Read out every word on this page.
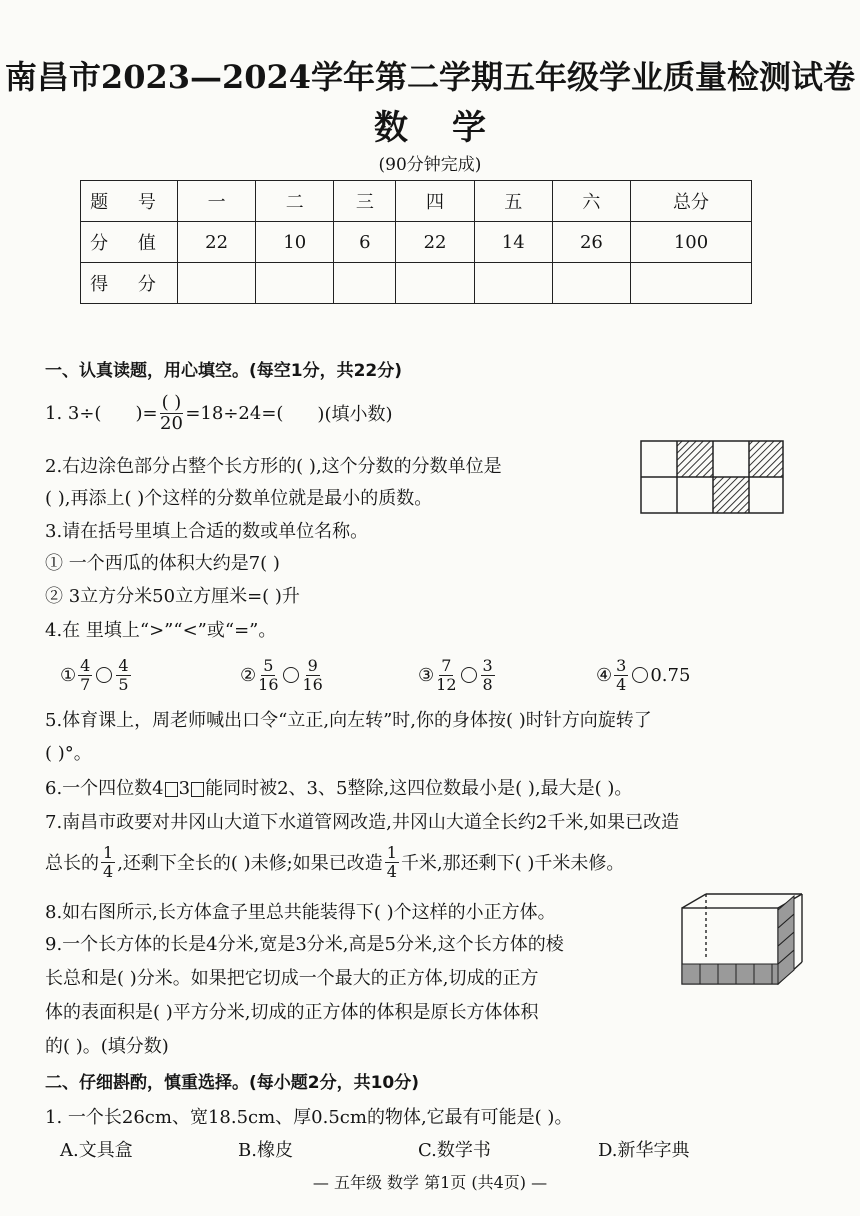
南昌市2023—2024学年第二学期五年级学业质量检测试卷
数 学
(90分钟完成)
题 号	一	二	三	四	五	六	总分
分 值	22	10	6	22	14	26	100
得 分							
一、认真读题，用心填空。(每空1分，共22分)
1. 3÷( )= $\frac{( )}{20} =18\div 24=$( )(填小数)
2.右边涂色部分占整个长方形的( ),这个分数的分数单位是
( ),再添上( )个这样的分数单位就是最小的质数。
3.请在括号里填上合适的数或单位名称。
① 一个西瓜的体积大约是7( )
② 3立方分米50立方厘米=( )升
4.在 里填上“>”“<”或“=”。
① $\frac{4}{7} \frac{4}{5}$	② $\frac{5}{16} \frac{9}{16}$	③ $\frac{7}{12} \frac{3}{8}$	④ $\frac{3}{4} 0.75$
5.体育课上，周老师喊出口令“立正,向左转”时,你的身体按( )时针方向旋转了
( )°。
6.一个四位数4 3 能同时被2、3、5整除,这四位数最小是( ),最大是( )。
7.南昌市政要对井冈山大道下水道管网改造,井冈山大道全长约2千米,如果已改造
总长的 $\frac{1}{4}$ ,还剩下全长的( )未修;如果已改造 $\frac{1}{4}$ 千米,那还剩下( )千米未修。
8.如右图所示,长方体盒子里总共能装得下( )个这样的小正方体。
9.一个长方体的长是4分米,宽是3分米,高是5分米,这个长方体的棱
长总和是( )分米。如果把它切成一个最大的正方体,切成的正方
体的表面积是( )平方分米,切成的正方体的体积是原长方体体积
的( )。(填分数)
二、仔细斟酌，慎重选择。(每小题2分，共10分)
1. 一个长26cm、宽18.5cm、厚0.5cm的物体,它最有可能是( )。
A.文具盒	B.橡皮	C.数学书	D.新华字典
— 五年级 数学 第1页 (共4页) —
